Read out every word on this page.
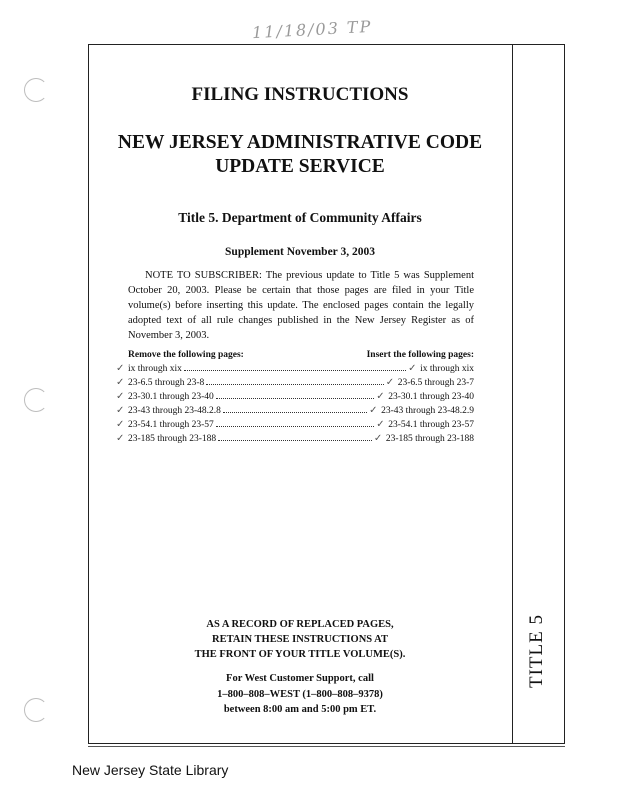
11/18/03 TP
TITLE 5
FILING INSTRUCTIONS
NEW JERSEY ADMINISTRATIVE CODE
UPDATE SERVICE
Title 5. Department of Community Affairs
Supplement November 3, 2003
NOTE TO SUBSCRIBER: The previous update to Title 5 was Supplement October 20, 2003. Please be certain that those pages are filed in your Title volume(s) before inserting this update. The enclosed pages contain the legally adopted text of all rule changes published in the New Jersey Register as of November 3, 2003.
Remove the following pages:	Insert the following pages:
✓ ix through xix	✓ ix through xix
✓ 23-6.5 through 23-8	✓ 23-6.5 through 23-7
✓ 23-30.1 through 23-40	✓ 23-30.1 through 23-40
✓ 23-43 through 23-48.2.8	✓ 23-43 through 23-48.2.9
✓ 23-54.1 through 23-57	✓ 23-54.1 through 23-57
✓ 23-185 through 23-188	✓ 23-185 through 23-188
AS A RECORD OF REPLACED PAGES,
RETAIN THESE INSTRUCTIONS AT
THE FRONT OF YOUR TITLE VOLUME(S).
For West Customer Support, call
1–800–808–WEST (1–800–808–9378)
between 8:00 am and 5:00 pm ET.
New Jersey State Library
